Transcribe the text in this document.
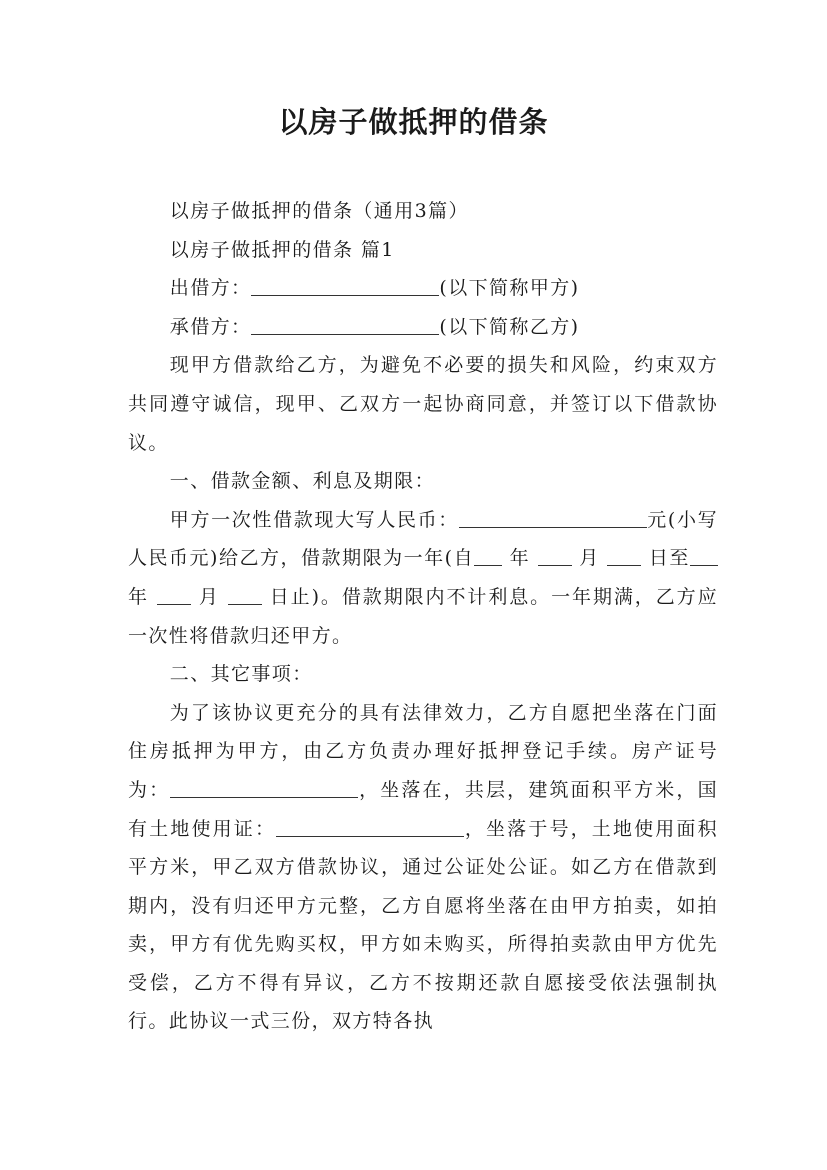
以房子做抵押的借条

以房子做抵押的借条（通用3篇）

以房子做抵押的借条 篇1

出借方：	(以下简称甲方)

承借方：	(以下简称乙方)

现甲方借款给乙方，为避免不必要的损失和风险，约束双方共同遵守诚信，现甲、乙双方一起协商同意，并签订以下借款协议。

一、借款金额、利息及期限：

甲方一次性借款现大写人民币：	元(小写人民币元)给乙方，借款期限为一年(自 年	月	日至 年	月	日止)。借款期限内不计利息。一年期满，乙方应一次性将借款归还甲方。

二、其它事项：

为了该协议更充分的具有法律效力，乙方自愿把坐落在门面住房抵押为甲方，由乙方负责办理好抵押登记手续。房产证号为：	，坐落在，共层，建筑面积平方米，国有土地使用证：	，坐落于号，土地使用面积平方米，甲乙双方借款协议，通过公证处公证。如乙方在借款到期内，没有归还甲方元整，乙方自愿将坐落在由甲方拍卖，如拍卖，甲方有优先购买权，甲方如未购买，所得拍卖款由甲方优先受偿，乙方不得有异议，乙方不按期还款自愿接受依法强制执行。此协议一式三份，双方特各执
